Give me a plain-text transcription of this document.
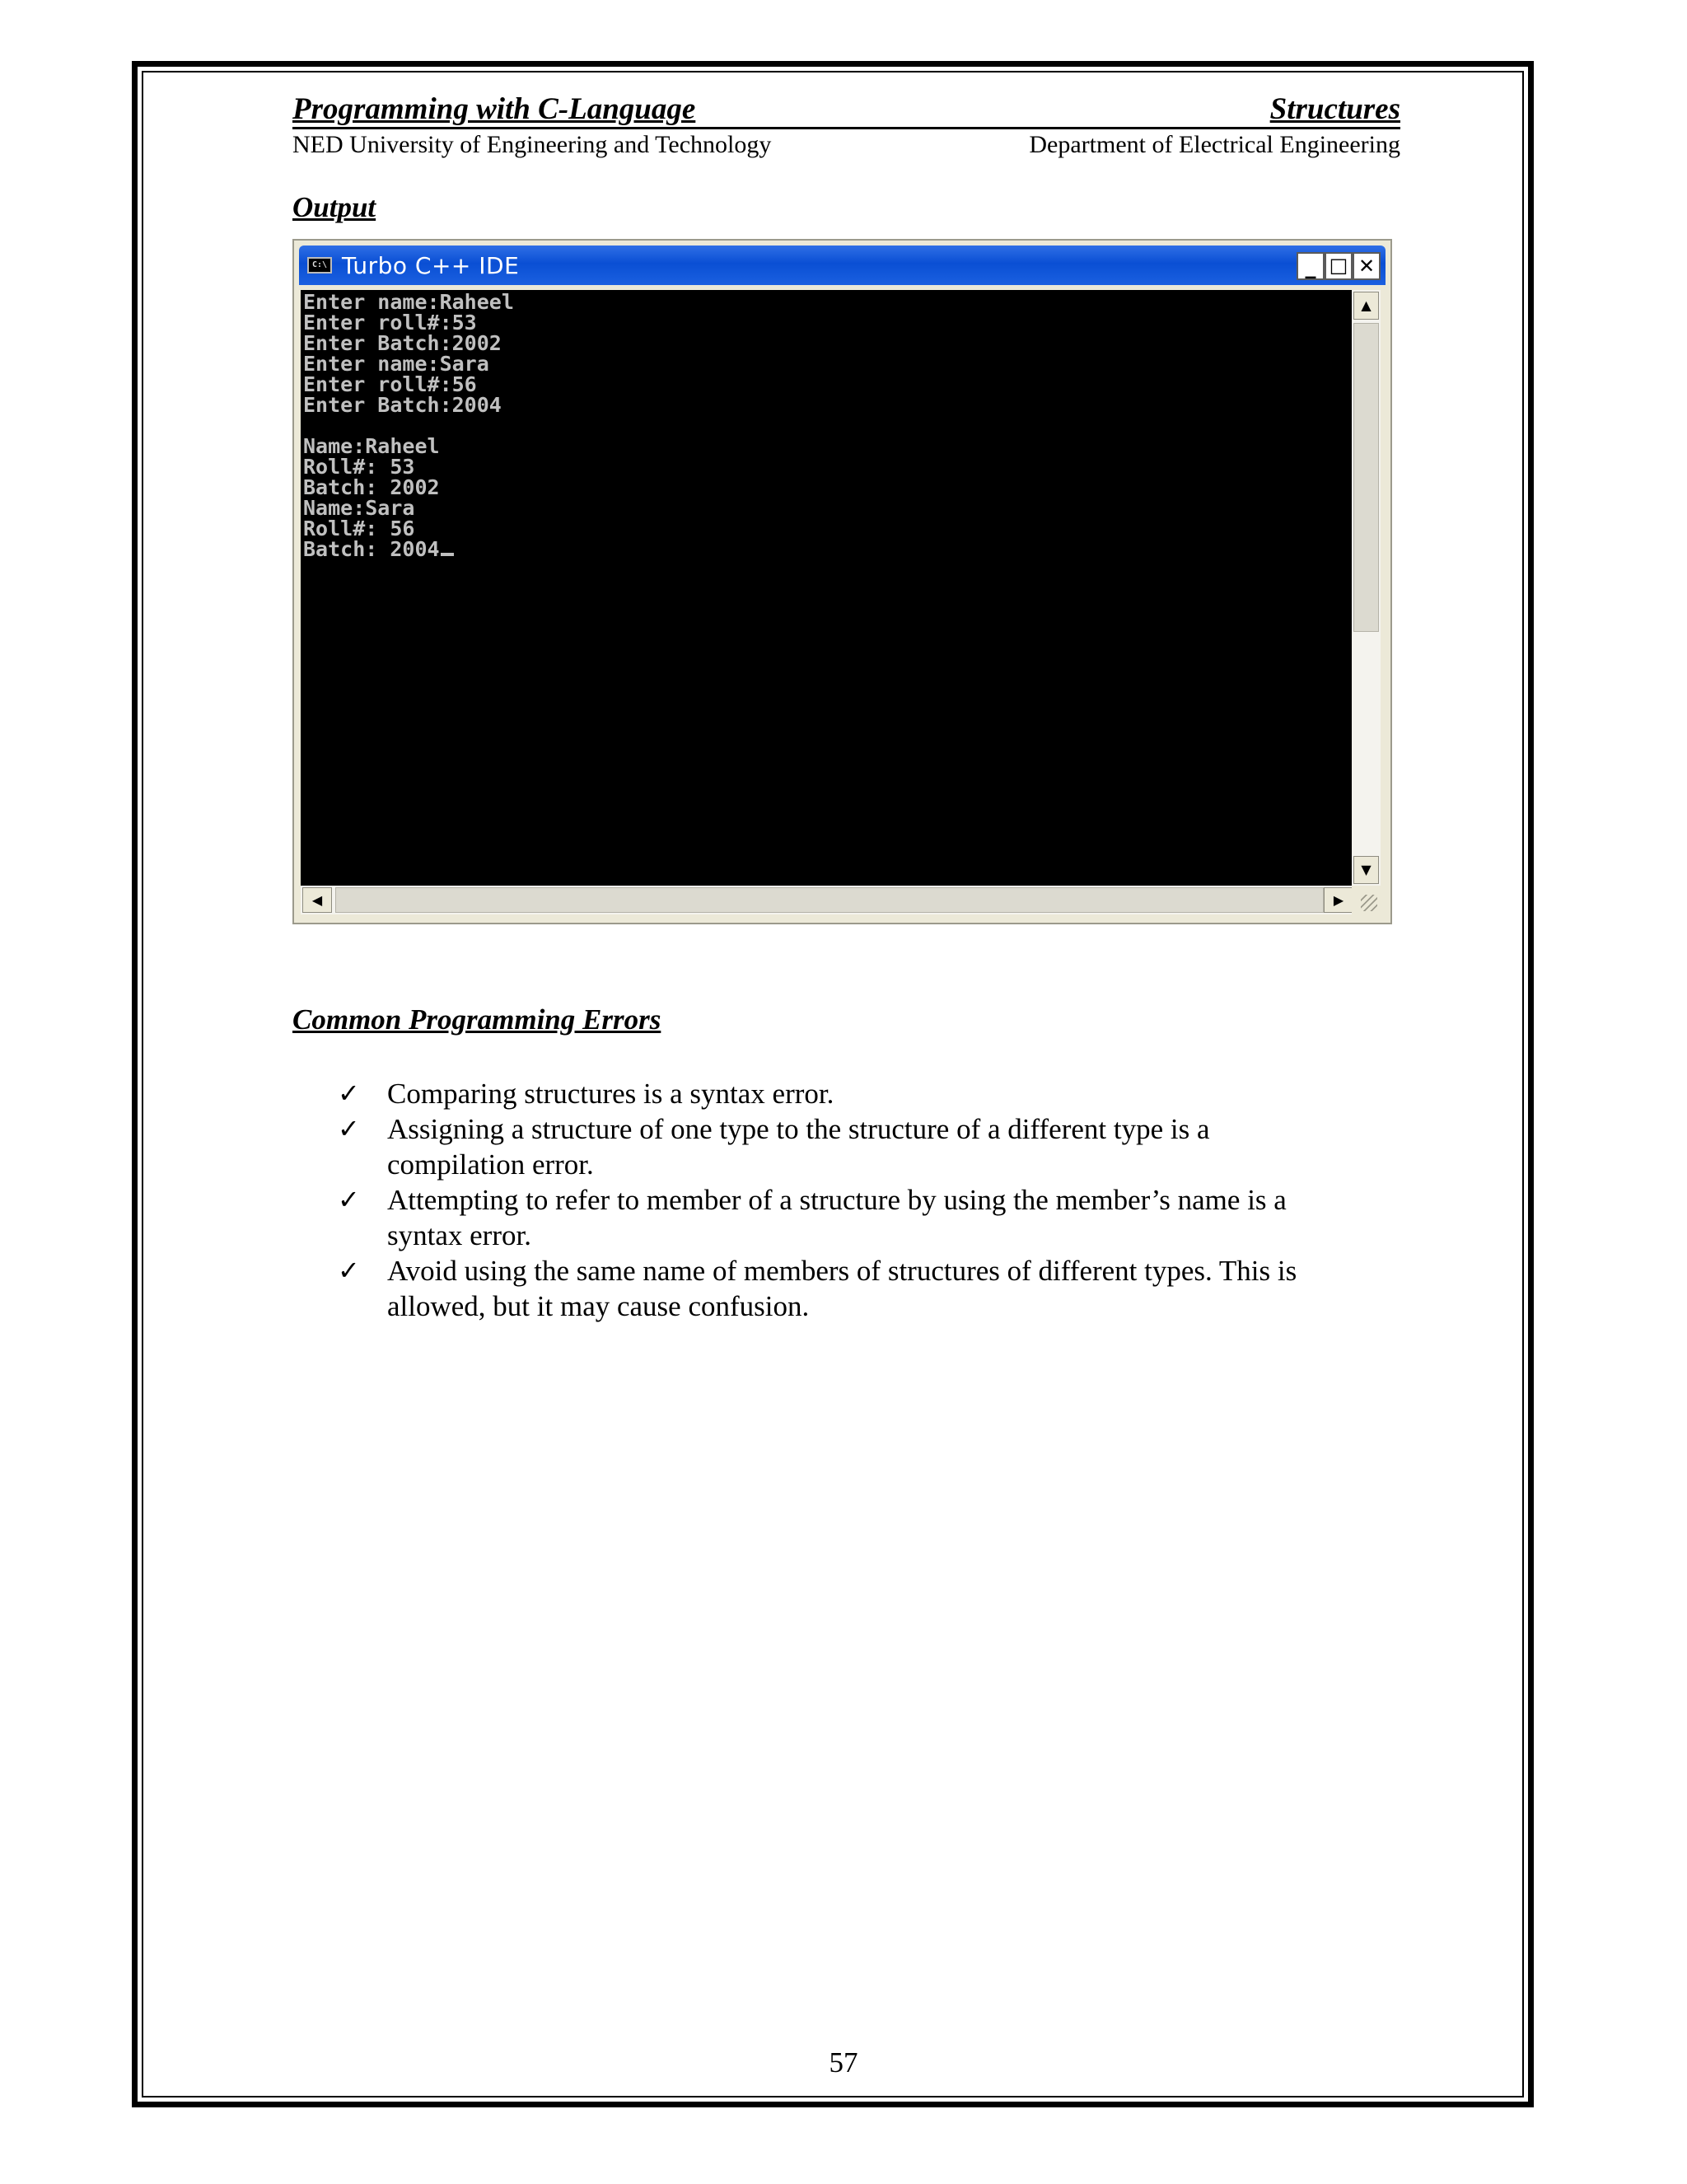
Programming with C-Language	Structures
NED University of Engineering and Technology	Department of Electrical Engineering
Output
C:\ Turbo C++ IDE	_ □ ✕
Enter name:Raheel
Enter roll#:53
Enter Batch:2002
Enter name:Sara
Enter roll#:56
Enter Batch:2004
Name:Raheel
Roll#: 53
Batch: 2002
Name:Sara
Roll#: 56
Batch: 2004
▲
▼
◀	▶
Common Programming Errors
✓ Comparing structures is a syntax error.
✓ Assigning a structure of one type to the structure of a different type is a
compilation error.
✓ Attempting to refer to member of a structure by using the member’s name is a
syntax error.
✓ Avoid using the same name of members of structures of different types. This is
allowed, but it may cause confusion.
57
